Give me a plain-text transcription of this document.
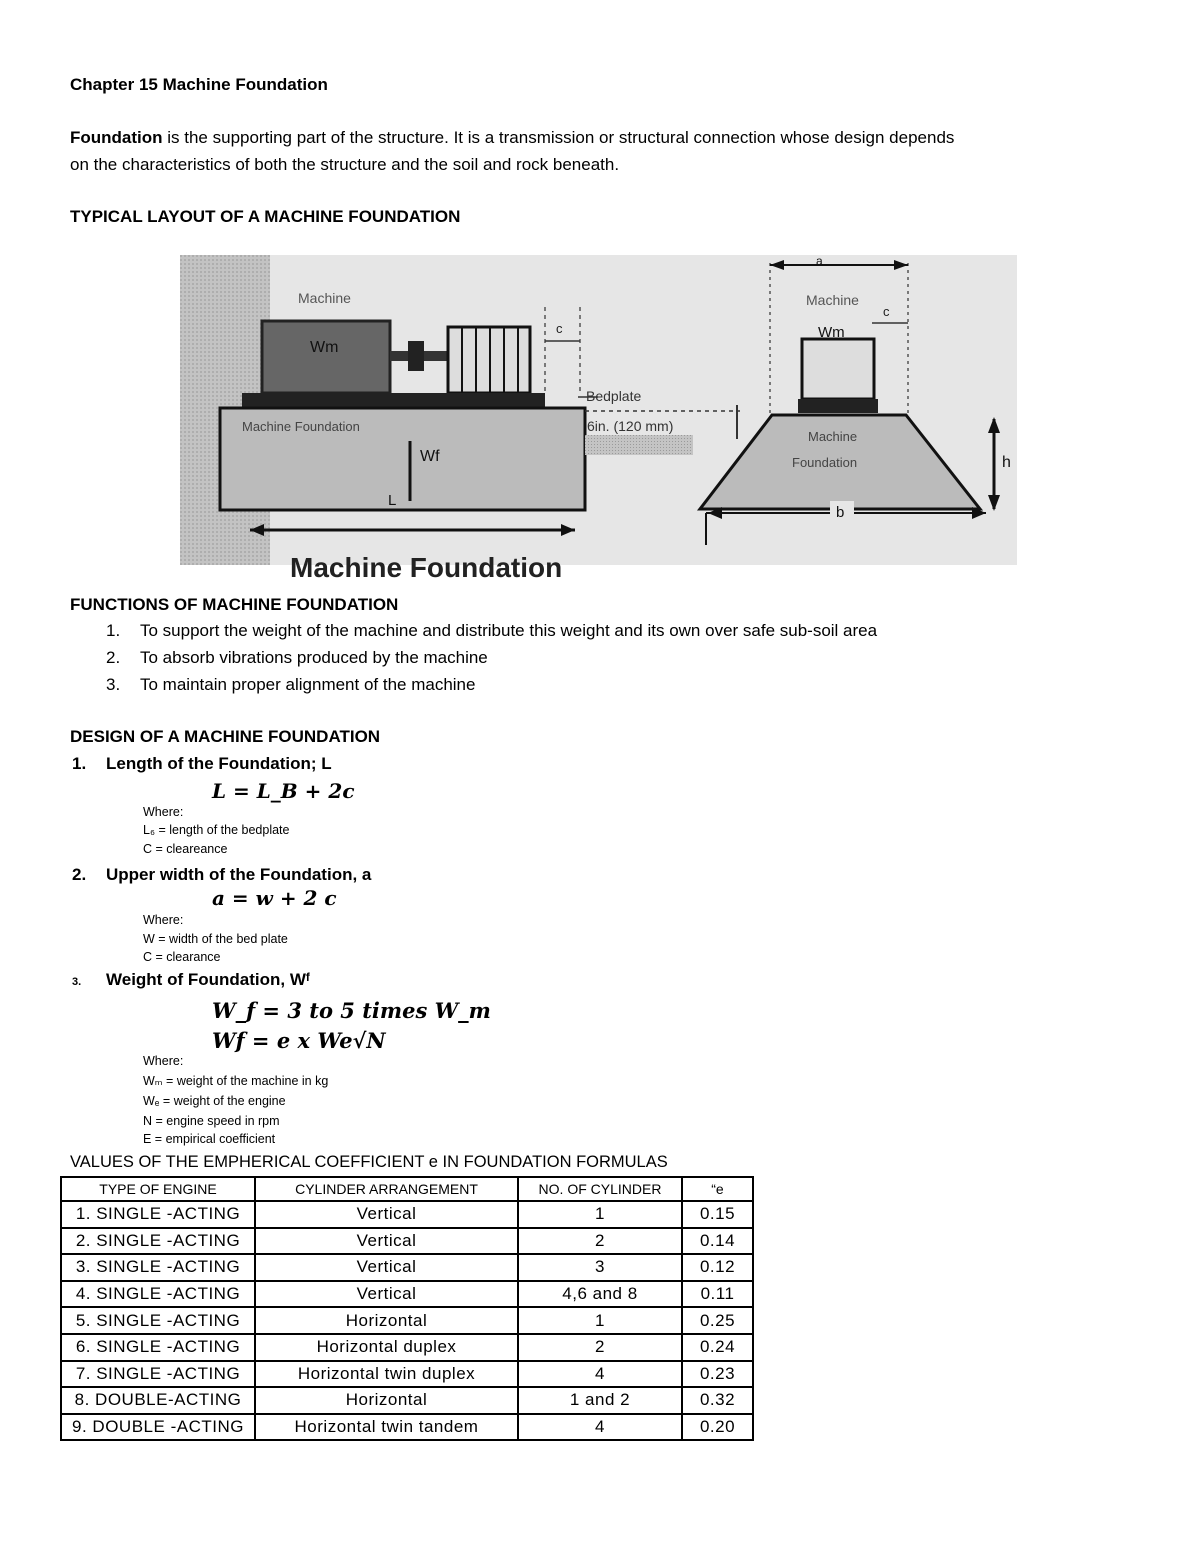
Chapter 15 Machine Foundation
Foundation is the supporting part of the structure. It is a transmission or structural connection whose design depends
on the characteristics of both the structure and the soil and rock beneath.
TYPICAL LAYOUT OF A MACHINE FOUNDATION
Machine
Wm
c
Machine Foundation
Wf
L
Bedplate
6in. (120 mm)
a
Machine
c
Wm
Machine
Foundation	h
b
Machine Foundation
FUNCTIONS OF MACHINE FOUNDATION
1. To support the weight of the machine and distribute this weight and its own over safe sub-soil area
2. To absorb vibrations produced by the machine
3. To maintain proper alignment of the machine
DESIGN OF A MACHINE FOUNDATION
1. Length of the Foundation; L
L = L_B + 2c
Where:
L₆ = length of the bedplate
C = cleareance
2. Upper width of the Foundation, a
a = w + 2 c
Where:
W = width of the bed plate
C = clearance
3. Weight of Foundation, Wᶠ
W_f = 3 to 5 times W_m
Wf = e x We√N
Where:
Wₘ = weight of the machine in kg
Wₑ = weight of the engine
N = engine speed in rpm
E = empirical coefficient
VALUES OF THE EMPHERICAL COEFFICIENT e IN FOUNDATION FORMULAS
TYPE OF ENGINE	CYLINDER ARRANGEMENT	NO. OF CYLINDER	“e
1. SINGLE -ACTING	Vertical	1	0.15
2. SINGLE -ACTING	Vertical	2	0.14
3. SINGLE -ACTING	Vertical	3	0.12
4. SINGLE -ACTING	Vertical	4,6 and 8	0.11
5. SINGLE -ACTING	Horizontal	1	0.25
6. SINGLE -ACTING	Horizontal duplex	2	0.24
7. SINGLE -ACTING	Horizontal twin duplex	4	0.23
8. DOUBLE-ACTING	Horizontal	1 and 2	0.32
9. DOUBLE -ACTING	Horizontal twin tandem	4	0.20
